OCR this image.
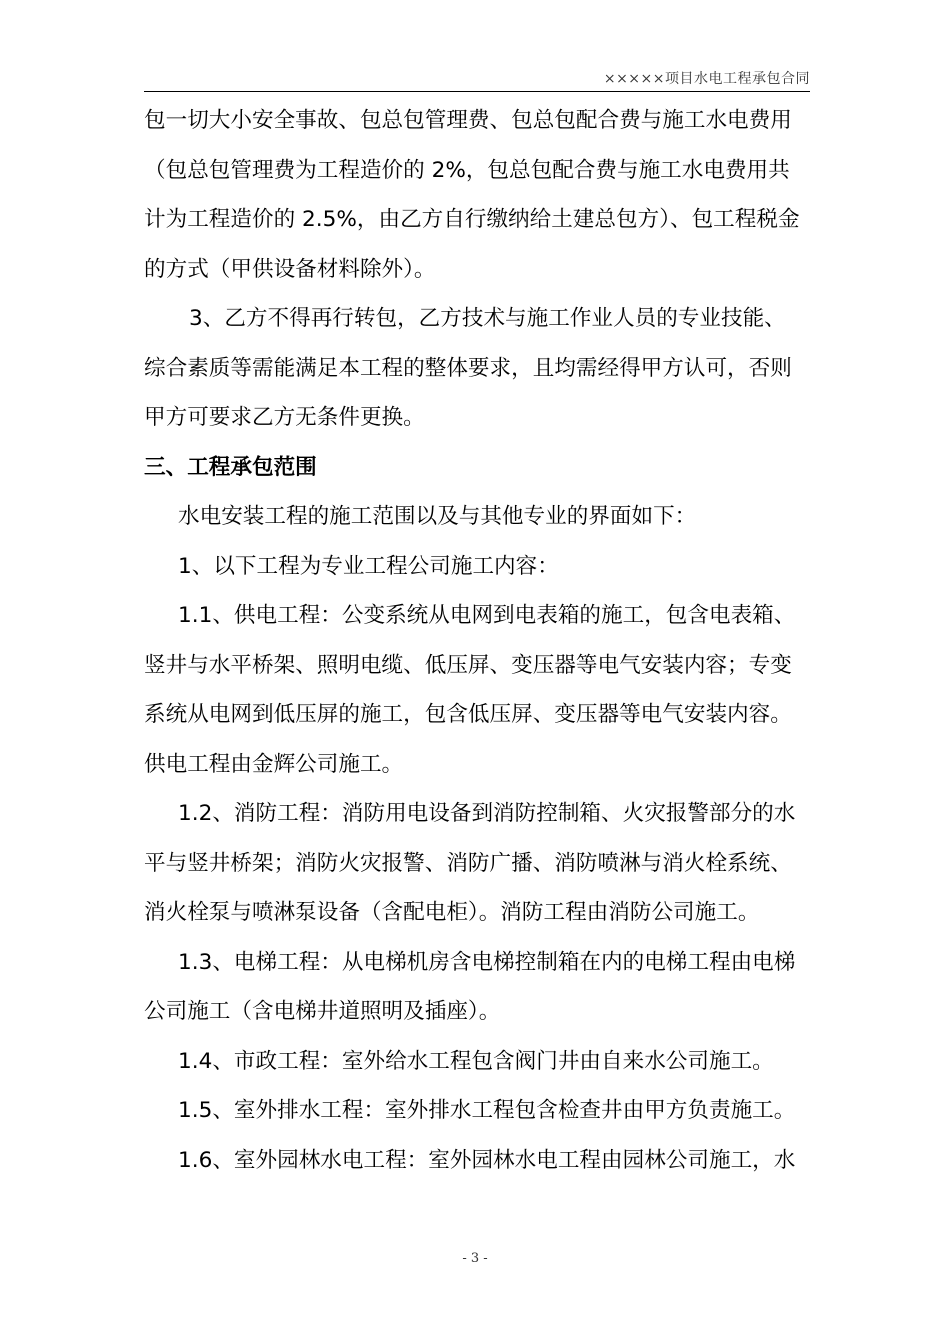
×××××项目水电工程承包合同

包一切大小安全事故、包总包管理费、包总包配合费与施工水电费用

（包总包管理费为工程造价的 2%，包总包配合费与施工水电费用共

计为工程造价的 2.5%，由乙方自行缴纳给土建总包方）、包工程税金

的方式（甲供设备材料除外）。

3、乙方不得再行转包，乙方技术与施工作业人员的专业技能、

综合素质等需能满足本工程的整体要求，且均需经得甲方认可，否则

甲方可要求乙方无条件更换。

三、工程承包范围

水电安装工程的施工范围以及与其他专业的界面如下：

1、以下工程为专业工程公司施工内容：

1.1、供电工程：公变系统从电网到电表箱的施工，包含电表箱、

竖井与水平桥架、照明电缆、低压屏、变压器等电气安装内容；专变

系统从电网到低压屏的施工，包含低压屏、变压器等电气安装内容。

供电工程由金辉公司施工。

1.2、消防工程：消防用电设备到消防控制箱、火灾报警部分的水

平与竖井桥架；消防火灾报警、消防广播、消防喷淋与消火栓系统、

消火栓泵与喷淋泵设备（含配电柜）。消防工程由消防公司施工。

1.3、电梯工程：从电梯机房含电梯控制箱在内的电梯工程由电梯

公司施工（含电梯井道照明及插座）。

1.4、市政工程：室外给水工程包含阀门井由自来水公司施工。

1.5、室外排水工程：室外排水工程包含检查井由甲方负责施工。

1.6、室外园林水电工程：室外园林水电工程由园林公司施工，水

- 3 -
